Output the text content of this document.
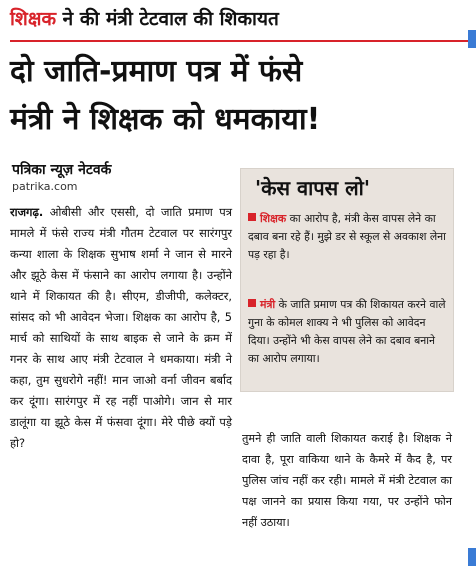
शिक्षक ने की मंत्री टेटवाल की शिकायत
दो जाति-प्रमाण पत्र में फंसे
मंत्री ने शिक्षक को धमकाया!
पत्रिका न्यूज़ नेटवर्क
patrika.com

राजगढ़. ओबीसी और एससी, दो जाति प्रमाण पत्र मामले में फंसे राज्य मंत्री गौतम टेटवाल पर सारंगपुर कन्या शाला के शिक्षक सुभाष शर्मा ने जान से मारने और झूठे केस में फंसाने का आरोप लगाया है। उन्होंने थाने में शिकायत की है। सीएम, डीजीपी, कलेक्टर, सांसद को भी आवेदन भेजा। शिक्षक का आरोप है, 5 मार्च को साथियों के साथ बाइक से जाने के क्रम में गनर के साथ आए मंत्री टेटवाल ने धमकाया। मंत्री ने कहा, तुम सुधरोगे नहीं! मान जाओ वर्ना जीवन बर्बाद कर दूंगा। सारंगपुर में रह नहीं पाओगे। जान से मार डालूंगा या झूठे केस में फंसवा दूंगा। मेरे पीछे क्यों पड़े हो?

'केस वापस लो'
शिक्षक का आरोप है, मंत्री केस वापस लेने का दबाव बना रहे हैं। मुझे डर से स्कूल से अवकाश लेना पड़ रहा है।
मंत्री के जाति प्रमाण पत्र की शिकायत करने वाले गुना के कोमल शाक्य ने भी पुलिस को आवेदन दिया। उन्होंने भी केस वापस लेने का दबाव बनाने का आरोप लगाया।

तुमने ही जाति वाली शिकायत कराई है। शिक्षक ने दावा है, पूरा वाकिया थाने के कैमरे में कैद है, पर पुलिस जांच नहीं कर रही। मामले में मंत्री टेटवाल का पक्ष जानने का प्रयास किया गया, पर उन्होंने फोन नहीं उठाया।
